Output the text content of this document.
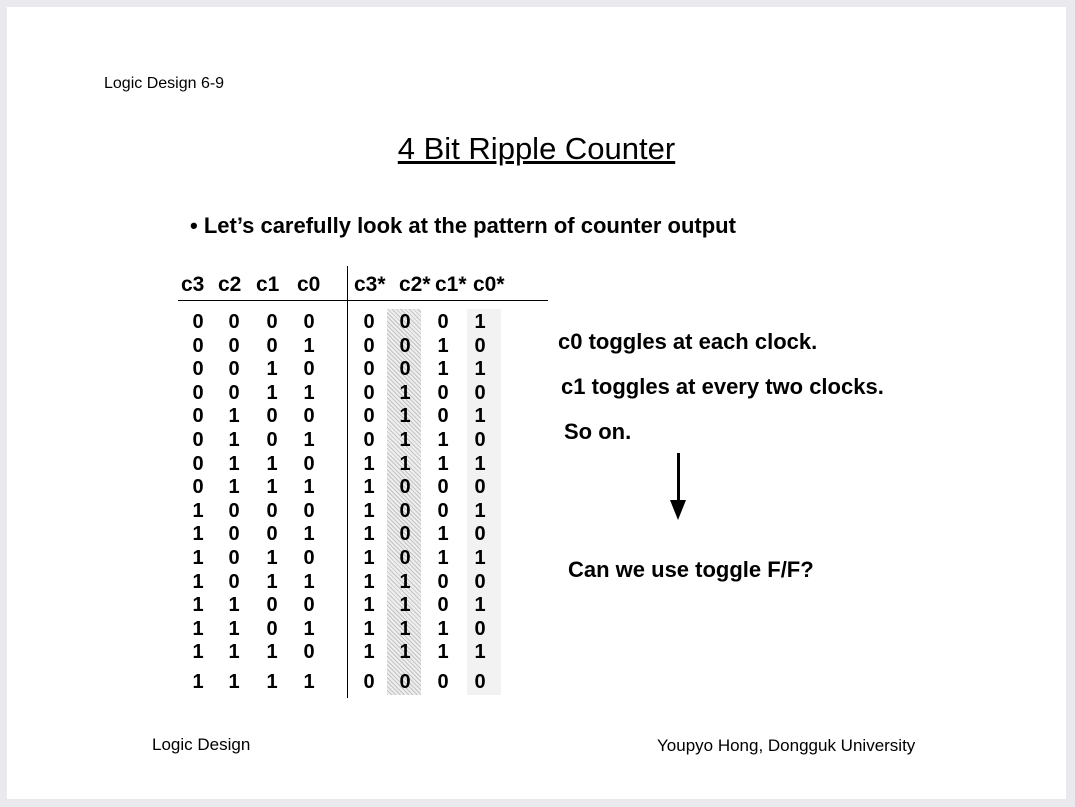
Logic Design 6-9
4 Bit Ripple Counter
• Let’s carefully look at the pattern of counter output
c3 c2 c1 c0 c3* c2* c1* c0*
0
0
0
0
0
0
0
0
1
1
1
1
1
1
1
1
0
0
0
0
1
1
1
1
0
0
0
0
1
1
1
1
0
0
1
1
0
0
1
1
0
0
1
1
0
0
1
1
0
1
0
1
0
1
0
1
0
1
0
1
0
1
0
1
0
0
0
0
0
0
1
1
1
1
1
1
1
1
1
0
0
0
0
1
1
1
1
0
0
0
0
1
1
1
1
0
0
1
1
0
0
1
1
0
0
1
1
0
0
1
1
0
1
0
1
0
1
0
1
0
1
0
1
0
1
0
1
0
c0 toggles at each clock.
c1 toggles at every two clocks.
So on.
Can we use toggle F/F?
Logic Design	Youpyo Hong, Dongguk University
